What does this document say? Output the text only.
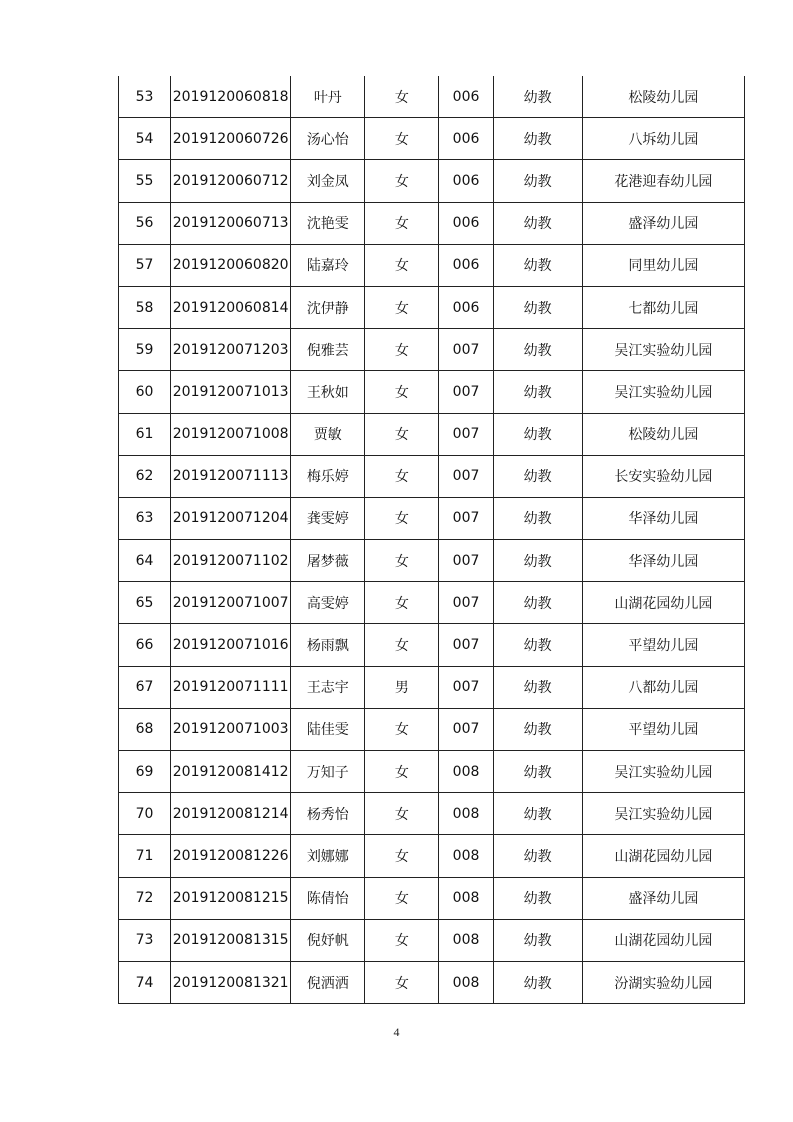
53	2019120060818	叶丹	女	006	幼教	松陵幼儿园
54	2019120060726	汤心怡	女	006	幼教	八坼幼儿园
55	2019120060712	刘金凤	女	006	幼教	花港迎春幼儿园
56	2019120060713	沈艳雯	女	006	幼教	盛泽幼儿园
57	2019120060820	陆嘉玲	女	006	幼教	同里幼儿园
58	2019120060814	沈伊静	女	006	幼教	七都幼儿园
59	2019120071203	倪雅芸	女	007	幼教	吴江实验幼儿园
60	2019120071013	王秋如	女	007	幼教	吴江实验幼儿园
61	2019120071008	贾敏	女	007	幼教	松陵幼儿园
62	2019120071113	梅乐婷	女	007	幼教	长安实验幼儿园
63	2019120071204	龚雯婷	女	007	幼教	华泽幼儿园
64	2019120071102	屠梦薇	女	007	幼教	华泽幼儿园
65	2019120071007	高雯婷	女	007	幼教	山湖花园幼儿园
66	2019120071016	杨雨飘	女	007	幼教	平望幼儿园
67	2019120071111	王志宇	男	007	幼教	八都幼儿园
68	2019120071003	陆佳雯	女	007	幼教	平望幼儿园
69	2019120081412	万知子	女	008	幼教	吴江实验幼儿园
70	2019120081214	杨秀怡	女	008	幼教	吴江实验幼儿园
71	2019120081226	刘娜娜	女	008	幼教	山湖花园幼儿园
72	2019120081215	陈倩怡	女	008	幼教	盛泽幼儿园
73	2019120081315	倪妤帆	女	008	幼教	山湖花园幼儿园
74	2019120081321	倪洒洒	女	008	幼教	汾湖实验幼儿园
4
